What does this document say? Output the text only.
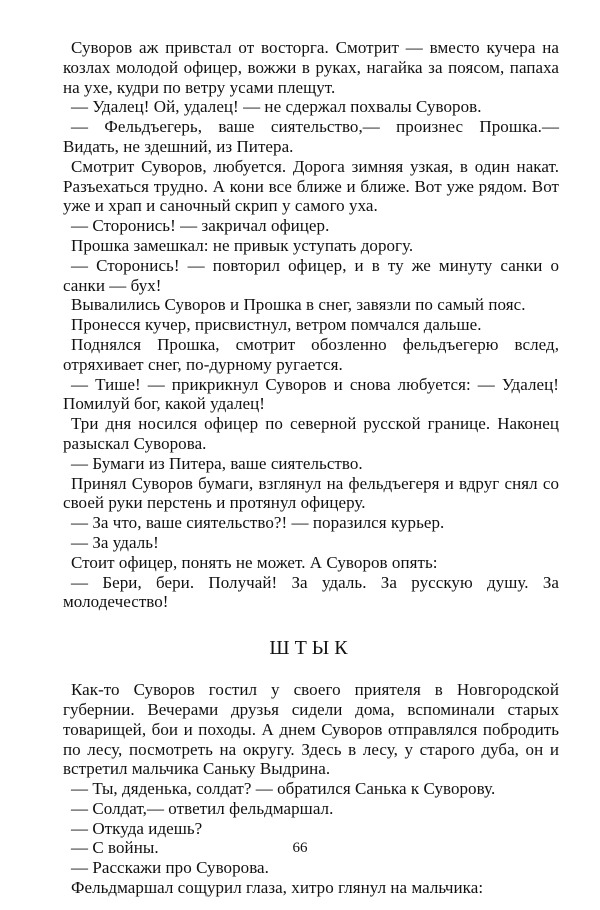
Суворов аж привстал от восторга. Смотрит — вместо кучера на козлах молодой офицер, вожжи в руках, нагайка за поясом, папаха на ухе, кудри по ветру усами плещут.

— Удалец! Ой, удалец! — не сдержал похвалы Суворов.

— Фельдъегерь, ваше сиятельство,— произнес Прошка.— Видать, не здешний, из Питера.

Смотрит Суворов, любуется. Дорога зимняя узкая, в один накат. Разъехаться трудно. А кони все ближе и ближе. Вот уже рядом. Вот уже и храп и саночный скрип у самого уха.

— Сторонись! — закричал офицер.

Прошка замешкал: не привык уступать дорогу.

— Сторонись! — повторил офицер, и в ту же минуту санки о санки — бух!

Вывалились Суворов и Прошка в снег, завязли по самый пояс.

Пронесся кучер, присвистнул, ветром помчался дальше.

Поднялся Прошка, смотрит обозленно фельдъегерю вслед, отряхивает снег, по-дурному ругается.

— Тише! — прикрикнул Суворов и снова любуется: — Удалец! Помилуй бог, какой удалец!

Три дня носился офицер по северной русской границе. Наконец разыскал Суворова.

— Бумаги из Питера, ваше сиятельство.

Принял Суворов бумаги, взглянул на фельдъегеря и вдруг снял со своей руки перстень и протянул офицеру.

— За что, ваше сиятельство?! — поразился курьер.

— За удаль!

Стоит офицер, понять не может. А Суворов опять:

— Бери, бери. Получай! За удаль. За русскую душу. За молодечество!

ШТЫК

Как-то Суворов гостил у своего приятеля в Новгородской губернии. Вечерами друзья сидели дома, вспоминали старых товарищей, бои и походы. А днем Суворов отправлялся побродить по лесу, посмотреть на округу. Здесь в лесу, у старого дуба, он и встретил мальчика Саньку Выдрина.

— Ты, дяденька, солдат? — обратился Санька к Суворову.

— Солдат,— ответил фельдмаршал.

— Откуда идешь?

— С войны.

— Расскажи про Суворова.

Фельдмаршал сощурил глаза, хитро глянул на мальчика:

66
